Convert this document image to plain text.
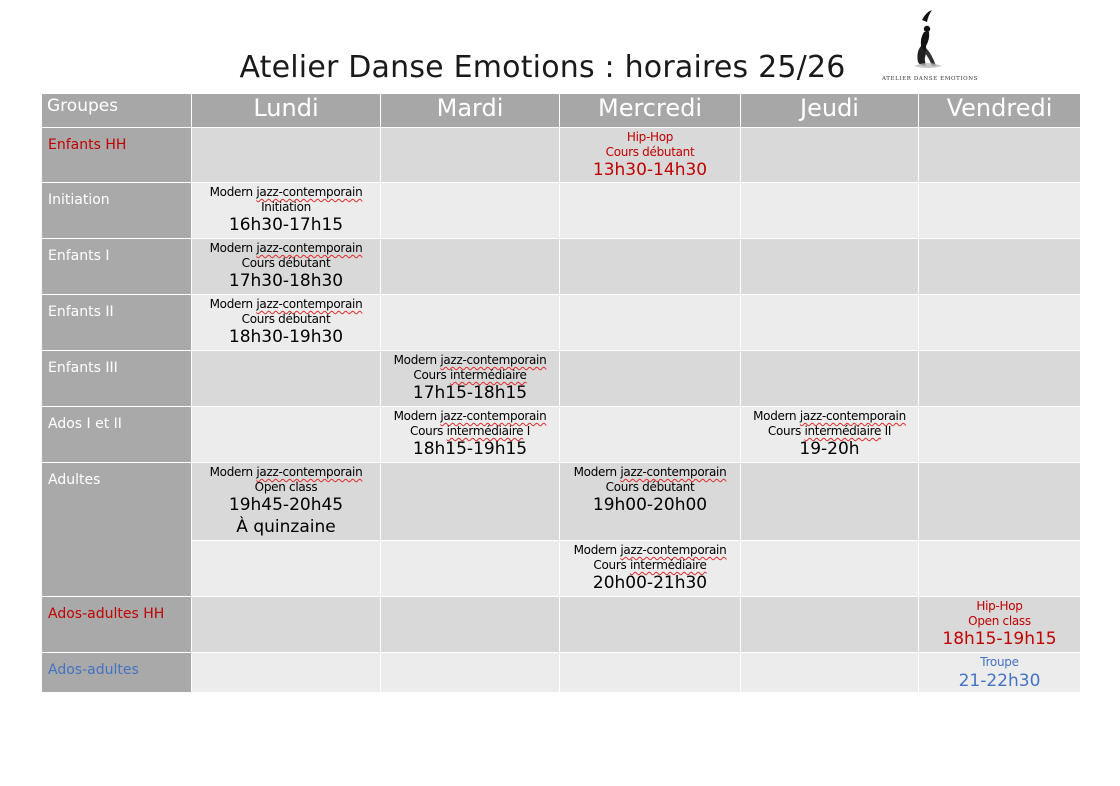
Atelier Danse Emotions : horaires 25/26	ATELIER DANSE EMOTIONS
Groupes	Lundi	Mardi	Mercredi	Jeudi	Vendredi
Enfants HH			Hip-Hop
Cours débutant
13h30-14h30		

Initiation	Modern jazz-contemporain
Initiation
16h30-17h15				

Enfants I	Modern jazz-contemporain
Cours débutant
17h30-18h30				

Enfants II	Modern jazz-contemporain
Cours débutant
18h30-19h30				

Enfants III		Modern jazz-contemporain
Cours intermédiaire
17h15-18h15			

Ados I et II		Modern jazz-contemporain
Cours intermédiaire I
18h15-19h15		Modern jazz-contemporain
Cours intermédiaire II
19-20h	

Adultes	Modern jazz-contemporain
Open class
19h45-20h45
À quinzaine		Modern jazz-contemporain
Cours débutant
19h00-20h00		

			Modern jazz-contemporain
Cours intermédiaire
20h00-21h30		

Ados-adultes HH					Hip-Hop
Open class
18h15-19h15

Ados-adultes					Troupe
21-22h30
